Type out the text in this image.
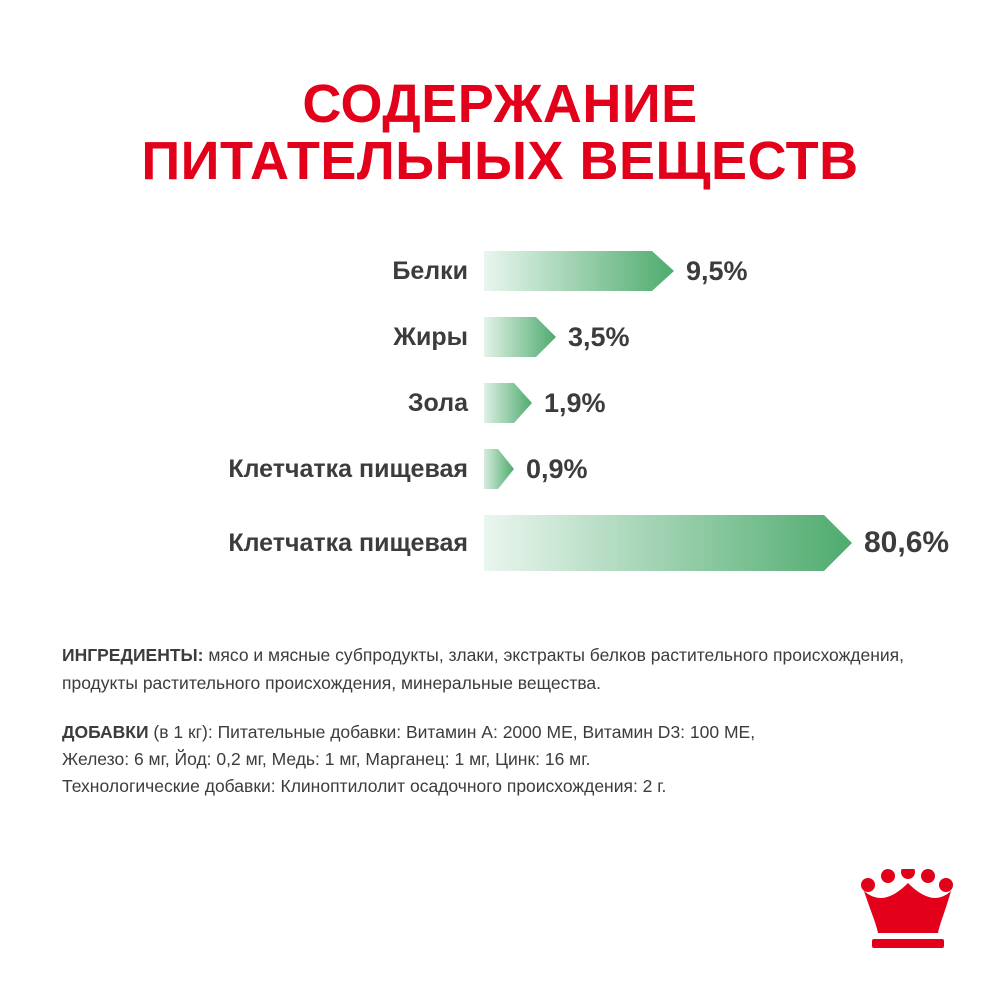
СОДЕРЖАНИЕ
ПИТАТЕЛЬНЫХ ВЕЩЕСТВ
Белки	9,5%
Жиры	3,5%
Зола	1,9%
Клетчатка пищевая	0,9%
Клетчатка пищевая	80,6%
ИНГРЕДИЕНТЫ: мясо и мясные субпродукты, злаки, экстракты белков растительного происхождения, продукты растительного происхождения, минеральные вещества.
ДОБАВКИ (в 1 кг): Питательные добавки: Витамин А: 2000 МЕ, Витамин D3: 100 МЕ,
Железо: 6 мг, Йод: 0,2 мг, Медь: 1 мг, Марганец: 1 мг, Цинк: 16 мг.
Технологические добавки: Клиноптилолит осадочного происхождения: 2 г.
